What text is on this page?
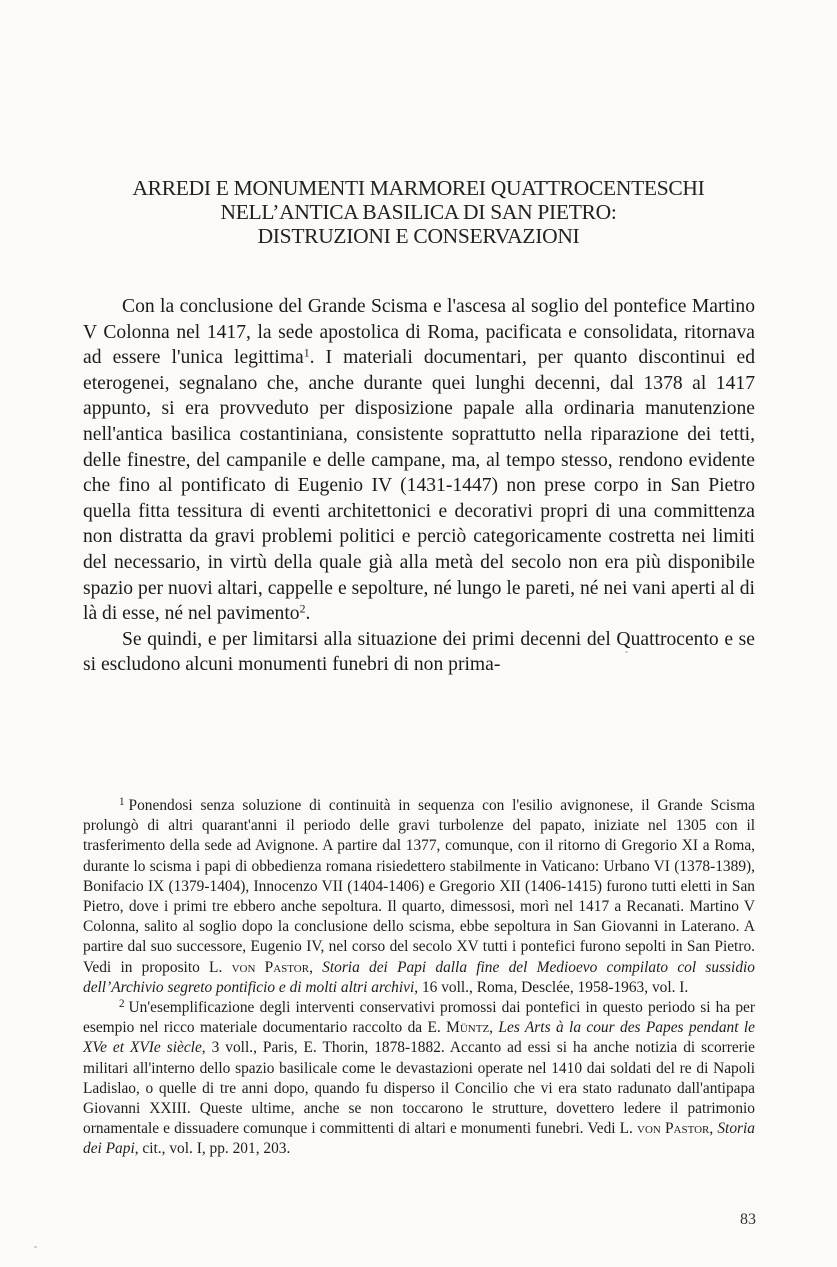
ARREDI E MONUMENTI MARMOREI QUATTROCENTESCHI
NELL’ANTICA BASILICA DI SAN PIETRO:
DISTRUZIONI E CONSERVAZIONI

Con la conclusione del Grande Scisma e l'ascesa al soglio del pontefice Martino V Colonna nel 1417, la sede apostolica di Roma, pacificata e consolidata, ritornava ad essere l'unica legittima$^1$. I materiali documentari, per quanto discontinui ed eterogenei, segnalano che, anche durante quei lunghi decenni, dal 1378 al 1417 appunto, si era provveduto per disposizione papale alla ordinaria manutenzione nell'antica basilica costantiniana, consistente soprattutto nella riparazione dei tetti, delle finestre, del campanile e delle campane, ma, al tempo stesso, rendono evidente che fino al pontificato di Eugenio IV (1431-1447) non prese corpo in San Pietro quella fitta tessitura di eventi architettonici e decorativi propri di una committenza non distratta da gravi problemi politici e perciò categoricamente costretta nei limiti del necessario, in virtù della quale già alla metà del secolo non era più disponibile spazio per nuovi altari, cappelle e sepolture, né lungo le pareti, né nei vani aperti al di là di esse, né nel pavimento$^2$.

Se quindi, e per limitarsi alla situazione dei primi decenni del Quattrocento e se si escludono alcuni monumenti funebri di non prima-

$^1$ Ponendosi senza soluzione di continuità in sequenza con l'esilio avignonese, il Grande Scisma prolungò di altri quarant'anni il periodo delle gravi turbolenze del papato, iniziate nel 1305 con il trasferimento della sede ad Avignone. A partire dal 1377, comunque, con il ritorno di Gregorio XI a Roma, durante lo scisma i papi di obbedienza romana risiedettero stabilmente in Vaticano: Urbano VI (1378-1389), Bonifacio IX (1379-1404), Innocenzo VII (1404-1406) e Gregorio XII (1406-1415) furono tutti eletti in San Pietro, dove i primi tre ebbero anche sepoltura. Il quarto, dimessosi, morì nel 1417 a Recanati. Martino V Colonna, salito al soglio dopo la conclusione dello scisma, ebbe sepoltura in San Giovanni in Laterano. A partire dal suo successore, Eugenio IV, nel corso del secolo XV tutti i pontefici furono sepolti in San Pietro. Vedi in proposito L. von Pastor, Storia dei Papi dalla fine del Medioevo compilato col sussidio dell’Archivio segreto pontificio e di molti altri archivi, 16 voll., Roma, Desclée, 1958-1963, vol. I.

$^2$ Un'esemplificazione degli interventi conservativi promossi dai pontefici in questo periodo si ha per esempio nel ricco materiale documentario raccolto da E. Müntz, Les Arts à la cour des Papes pendant le XVe et XVIe siècle, 3 voll., Paris, E. Thorin, 1878-1882. Accanto ad essi si ha anche notizia di scorrerie militari all'interno dello spazio basilicale come le devastazioni operate nel 1410 dai soldati del re di Napoli Ladislao, o quelle di tre anni dopo, quando fu disperso il Concilio che vi era stato radunato dall'antipapa Giovanni XXIII. Queste ultime, anche se non toccarono le strutture, dovettero ledere il patrimonio ornamentale e dissuadere comunque i committenti di altari e monumenti funebri. Vedi L. von Pastor, Storia dei Papi, cit., vol. I, pp. 201, 203.

83
